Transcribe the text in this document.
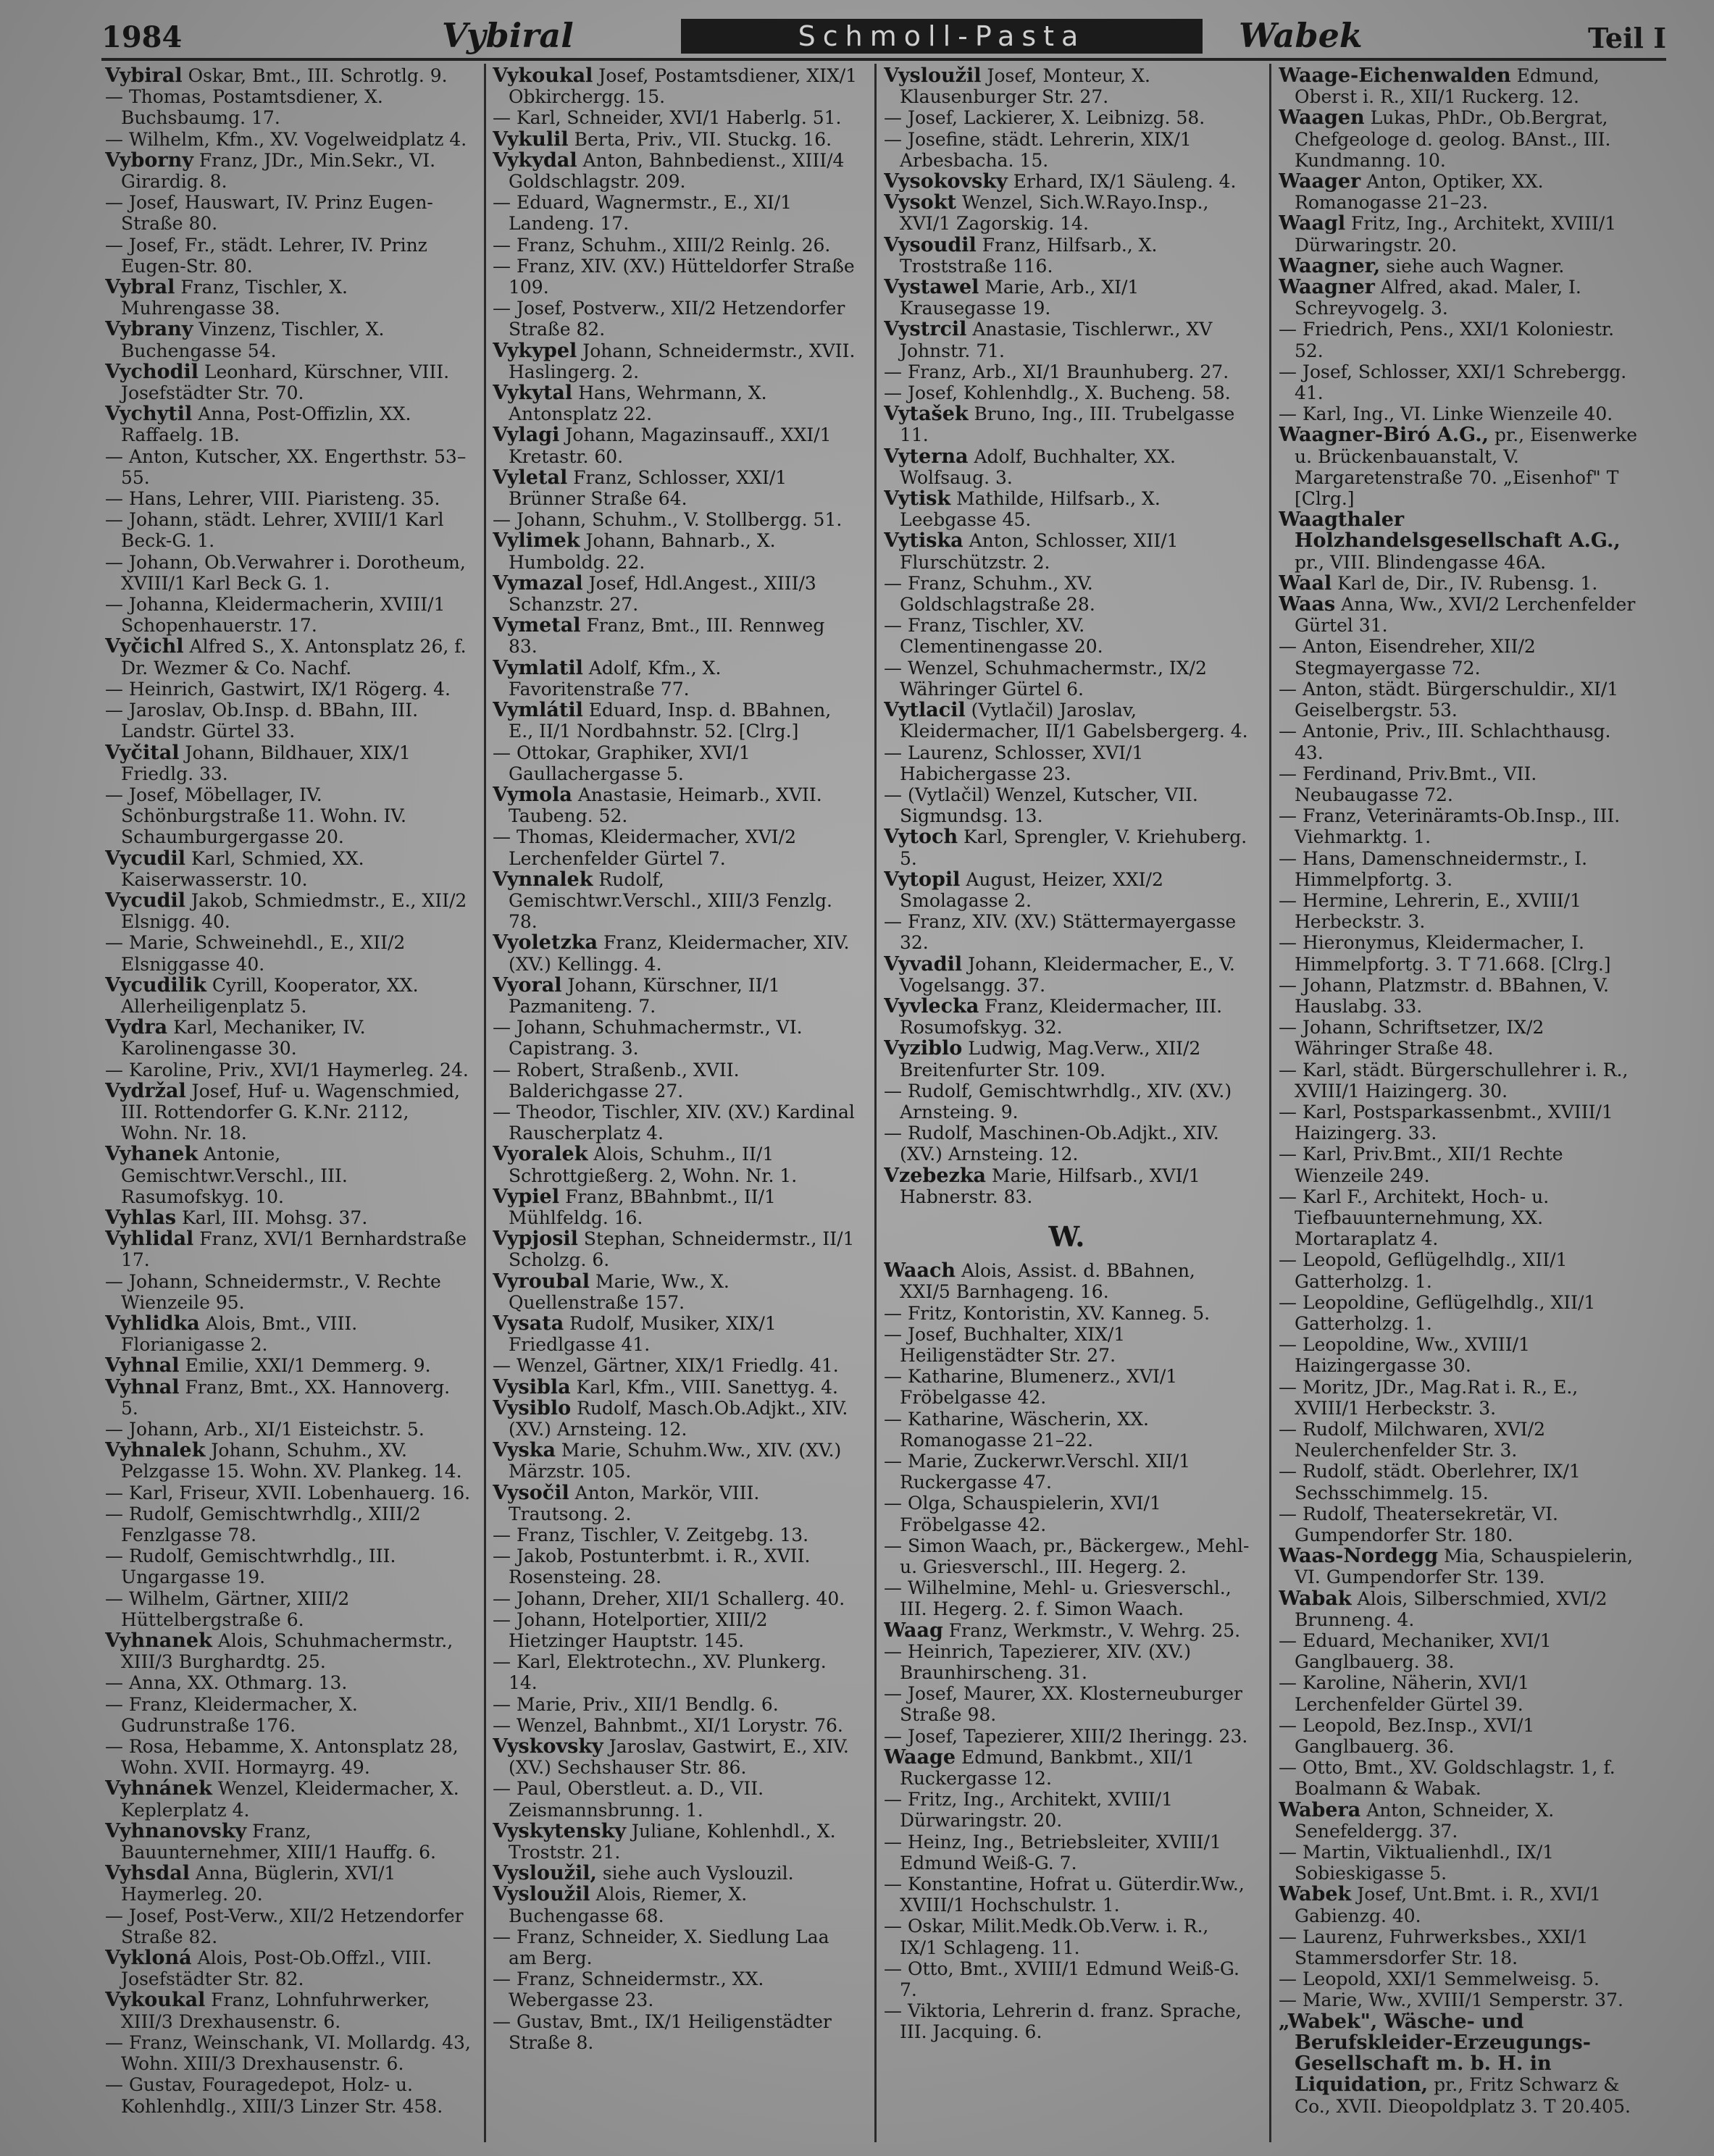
1984	Vybiral	Schmoll-Pasta	Wabek	Teil I
Vybiral Oskar, Bmt., III. Schrotlg. 9.
— Thomas, Postamtsdiener, X. Buchsbaumg. 17.
— Wilhelm, Kfm., XV. Vogelweidplatz 4.
Vyborny Franz, JDr., Min.Sekr., VI. Girardig. 8.
— Josef, Hauswart, IV. Prinz Eugen-Straße 80.
— Josef, Fr., städt. Lehrer, IV. Prinz Eugen-Str. 80.
Vybral Franz, Tischler, X. Muhrengasse 38.
Vybrany Vinzenz, Tischler, X. Buchengasse 54.
Vychodil Leonhard, Kürschner, VIII. Josefstädter Str. 70.
Vychytil Anna, Post-Offizlin, XX. Raffaelg. 1B.
— Anton, Kutscher, XX. Engerthstr. 53–55.
— Hans, Lehrer, VIII. Piaristeng. 35.
— Johann, städt. Lehrer, XVIII/1 Karl Beck-G. 1.
— Johann, Ob.Verwahrer i. Dorotheum, XVIII/1 Karl Beck G. 1.
— Johanna, Kleidermacherin, XVIII/1 Schopenhauerstr. 17.
Vyčichl Alfred S., X. Antonsplatz 26, f. Dr. Wezmer & Co. Nachf.
— Heinrich, Gastwirt, IX/1 Rögerg. 4.
— Jaroslav, Ob.Insp. d. BBahn, III. Landstr. Gürtel 33.
Vyčital Johann, Bildhauer, XIX/1 Friedlg. 33.
— Josef, Möbellager, IV. Schönburgstraße 11. Wohn. IV. Schaumburgergasse 20.
Vycudil Karl, Schmied, XX. Kaiserwasserstr. 10.
Vycudil Jakob, Schmiedmstr., E., XII/2 Elsnigg. 40.
— Marie, Schweinehdl., E., XII/2 Elsniggasse 40.
Vycudilik Cyrill, Kooperator, XX. Allerheiligenplatz 5.
Vydra Karl, Mechaniker, IV. Karolinengasse 30.
— Karoline, Priv., XVI/1 Haymerleg. 24.
Vydržal Josef, Huf- u. Wagenschmied, III. Rottendorfer G. K.Nr. 2112, Wohn. Nr. 18.
Vyhanek Antonie, Gemischtwr.Verschl., III. Rasumofskyg. 10.
Vyhlas Karl, III. Mohsg. 37.
Vyhlidal Franz, XVI/1 Bernhardstraße 17.
— Johann, Schneidermstr., V. Rechte Wienzeile 95.
Vyhlidka Alois, Bmt., VIII. Florianigasse 2.
Vyhnal Emilie, XXI/1 Demmerg. 9.
Vyhnal Franz, Bmt., XX. Hannoverg. 5.
— Johann, Arb., XI/1 Eisteichstr. 5.
Vyhnalek Johann, Schuhm., XV. Pelzgasse 15. Wohn. XV. Plankeg. 14.
— Karl, Friseur, XVII. Lobenhauerg. 16.
— Rudolf, Gemischtwrhdlg., XIII/2 Fenzlgasse 78.
— Rudolf, Gemischtwrhdlg., III. Ungargasse 19.
— Wilhelm, Gärtner, XIII/2 Hüttelbergstraße 6.
Vyhnanek Alois, Schuhmachermstr., XIII/3 Burghardtg. 25.
— Anna, XX. Othmarg. 13.
— Franz, Kleidermacher, X. Gudrunstraße 176.
— Rosa, Hebamme, X. Antonsplatz 28, Wohn. XVII. Hormayrg. 49.
Vyhnánek Wenzel, Kleidermacher, X. Keplerplatz 4.
Vyhnanovsky Franz, Bauunternehmer, XIII/1 Hauffg. 6.
Vyhsdal Anna, Büglerin, XVI/1 Haymerleg. 20.
— Josef, Post-Verw., XII/2 Hetzendorfer Straße 82.
Vykloná Alois, Post-Ob.Offzl., VIII. Josefstädter Str. 82.
Vykoukal Franz, Lohnfuhrwerker, XIII/3 Drexhausenstr. 6.
— Franz, Weinschank, VI. Mollardg. 43, Wohn. XIII/3 Drexhausenstr. 6.
— Gustav, Fouragedepot, Holz- u. Kohlenhdlg., XIII/3 Linzer Str. 458.
Vykoukal Josef, Postamtsdiener, XIX/1 Obkirchergg. 15.
— Karl, Schneider, XVI/1 Haberlg. 51.
Vykulil Berta, Priv., VII. Stuckg. 16.
Vykydal Anton, Bahnbedienst., XIII/4 Goldschlagstr. 209.
— Eduard, Wagnermstr., E., XI/1 Landeng. 17.
— Franz, Schuhm., XIII/2 Reinlg. 26.
— Franz, XIV. (XV.) Hütteldorfer Straße 109.
— Josef, Postverw., XII/2 Hetzendorfer Straße 82.
Vykypel Johann, Schneidermstr., XVII. Haslingerg. 2.
Vykytal Hans, Wehrmann, X. Antonsplatz 22.
Vylagi Johann, Magazinsauff., XXI/1 Kretastr. 60.
Vyletal Franz, Schlosser, XXI/1 Brünner Straße 64.
— Johann, Schuhm., V. Stollbergg. 51.
Vylimek Johann, Bahnarb., X. Humboldg. 22.
Vymazal Josef, Hdl.Angest., XIII/3 Schanzstr. 27.
Vymetal Franz, Bmt., III. Rennweg 83.
Vymlatil Adolf, Kfm., X. Favoritenstraße 77.
Vymlátil Eduard, Insp. d. BBahnen, E., II/1 Nordbahnstr. 52. [Clrg.]
— Ottokar, Graphiker, XVI/1 Gaullachergasse 5.
Vymola Anastasie, Heimarb., XVII. Taubeng. 52.
— Thomas, Kleidermacher, XVI/2 Lerchenfelder Gürtel 7.
Vynnalek Rudolf, Gemischtwr.Verschl., XIII/3 Fenzlg. 78.
Vyoletzka Franz, Kleidermacher, XIV. (XV.) Kellingg. 4.
Vyoral Johann, Kürschner, II/1 Pazmaniteng. 7.
— Johann, Schuhmachermstr., VI. Capistrang. 3.
— Robert, Straßenb., XVII. Balderichgasse 27.
— Theodor, Tischler, XIV. (XV.) Kardinal Rauscherplatz 4.
Vyoralek Alois, Schuhm., II/1 Schrottgießerg. 2, Wohn. Nr. 1.
Vypiel Franz, BBahnbmt., II/1 Mühlfeldg. 16.
Vypjosil Stephan, Schneidermstr., II/1 Scholzg. 6.
Vyroubal Marie, Ww., X. Quellenstraße 157.
Vysata Rudolf, Musiker, XIX/1 Friedlgasse 41.
— Wenzel, Gärtner, XIX/1 Friedlg. 41.
Vysibla Karl, Kfm., VIII. Sanettyg. 4.
Vysiblo Rudolf, Masch.Ob.Adjkt., XIV. (XV.) Arnsteing. 12.
Vyska Marie, Schuhm.Ww., XIV. (XV.) Märzstr. 105.
Vysočil Anton, Markör, VIII. Trautsong. 2.
— Franz, Tischler, V. Zeitgebg. 13.
— Jakob, Postunterbmt. i. R., XVII. Rosensteing. 28.
— Johann, Dreher, XII/1 Schallerg. 40.
— Johann, Hotelportier, XIII/2 Hietzinger Hauptstr. 145.
— Karl, Elektrotechn., XV. Plunkerg. 14.
— Marie, Priv., XII/1 Bendlg. 6.
— Wenzel, Bahnbmt., XI/1 Lorystr. 76.
Vyskovsky Jaroslav, Gastwirt, E., XIV. (XV.) Sechshauser Str. 86.
— Paul, Oberstleut. a. D., VII. Zeismannsbrunng. 1.
Vyskytensky Juliane, Kohlenhdl., X. Troststr. 21.
Vysloužil, siehe auch Vyslouzil.
Vysloužil Alois, Riemer, X. Buchengasse 68.
— Franz, Schneider, X. Siedlung Laa am Berg.
— Franz, Schneidermstr., XX. Webergasse 23.
— Gustav, Bmt., IX/1 Heiligenstädter Straße 8.
Vysloužil Josef, Monteur, X. Klausenburger Str. 27.
— Josef, Lackierer, X. Leibnizg. 58.
— Josefine, städt. Lehrerin, XIX/1 Arbesbacha. 15.
Vysokovsky Erhard, IX/1 Säuleng. 4.
Vysokt Wenzel, Sich.W.Rayo.Insp., XVI/1 Zagorskig. 14.
Vysoudil Franz, Hilfsarb., X. Troststraße 116.
Vystawel Marie, Arb., XI/1 Krausegasse 19.
Vystrcil Anastasie, Tischlerwr., XV Johnstr. 71.
— Franz, Arb., XI/1 Braunhuberg. 27.
— Josef, Kohlenhdlg., X. Bucheng. 58.
Vytašek Bruno, Ing., III. Trubelgasse 11.
Vyterna Adolf, Buchhalter, XX. Wolfsaug. 3.
Vytisk Mathilde, Hilfsarb., X. Leebgasse 45.
Vytiska Anton, Schlosser, XII/1 Flurschützstr. 2.
— Franz, Schuhm., XV. Goldschlagstraße 28.
— Franz, Tischler, XV. Clementinengasse 20.
— Wenzel, Schuhmachermstr., IX/2 Währinger Gürtel 6.
Vytlacil (Vytlačil) Jaroslav, Kleidermacher, II/1 Gabelsbergerg. 4.
— Laurenz, Schlosser, XVI/1 Habichergasse 23.
— (Vytlačil) Wenzel, Kutscher, VII. Sigmundsg. 13.
Vytoch Karl, Sprengler, V. Kriehuberg. 5.
Vytopil August, Heizer, XXI/2 Smolagasse 2.
— Franz, XIV. (XV.) Stättermayergasse 32.
Vyvadil Johann, Kleidermacher, E., V. Vogelsangg. 37.
Vyvlecka Franz, Kleidermacher, III. Rosumofskyg. 32.
Vyziblo Ludwig, Mag.Verw., XII/2 Breitenfurter Str. 109.
— Rudolf, Gemischtwrhdlg., XIV. (XV.) Arnsteing. 9.
— Rudolf, Maschinen-Ob.Adjkt., XIV. (XV.) Arnsteing. 12.
Vzebezka Marie, Hilfsarb., XVI/1 Habnerstr. 83.
W.
Waach Alois, Assist. d. BBahnen, XXI/5 Barnhageng. 16.
— Fritz, Kontoristin, XV. Kanneg. 5.
— Josef, Buchhalter, XIX/1 Heiligenstädter Str. 27.
— Katharine, Blumenerz., XVI/1 Fröbelgasse 42.
— Katharine, Wäscherin, XX. Romanogasse 21–22.
— Marie, Zuckerwr.Verschl. XII/1 Ruckergasse 47.
— Olga, Schauspielerin, XVI/1 Fröbelgasse 42.
— Simon Waach, pr., Bäckergew., Mehl- u. Griesverschl., III. Hegerg. 2.
— Wilhelmine, Mehl- u. Griesverschl., III. Hegerg. 2. f. Simon Waach.
Waag Franz, Werkmstr., V. Wehrg. 25.
— Heinrich, Tapezierer, XIV. (XV.) Braunhirscheng. 31.
— Josef, Maurer, XX. Klosterneuburger Straße 98.
— Josef, Tapezierer, XIII/2 Iheringg. 23.
Waage Edmund, Bankbmt., XII/1 Ruckergasse 12.
— Fritz, Ing., Architekt, XVIII/1 Dürwaringstr. 20.
— Heinz, Ing., Betriebsleiter, XVIII/1 Edmund Weiß-G. 7.
— Konstantine, Hofrat u. Güterdir.Ww., XVIII/1 Hochschulstr. 1.
— Oskar, Milit.Medk.Ob.Verw. i. R., IX/1 Schlageng. 11.
— Otto, Bmt., XVIII/1 Edmund Weiß-G. 7.
— Viktoria, Lehrerin d. franz. Sprache, III. Jacquing. 6.
Waage-Eichenwalden Edmund, Oberst i. R., XII/1 Ruckerg. 12.
Waagen Lukas, PhDr., Ob.Bergrat, Chefgeologe d. geolog. BAnst., III. Kundmanng. 10.
Waager Anton, Optiker, XX. Romanogasse 21–23.
Waagl Fritz, Ing., Architekt, XVIII/1 Dürwaringstr. 20.
Waagner, siehe auch Wagner.
Waagner Alfred, akad. Maler, I. Schreyvogelg. 3.
— Friedrich, Pens., XXI/1 Koloniestr. 52.
— Josef, Schlosser, XXI/1 Schrebergg. 41.
— Karl, Ing., VI. Linke Wienzeile 40.
Waagner-Biró A.G., pr., Eisenwerke u. Brückenbauanstalt, V. Margaretenstraße 70. „Eisenhof" T [Clrg.]
Waagthaler Holzhandelsgesellschaft A.G., pr., VIII. Blindengasse 46A.
Waal Karl de, Dir., IV. Rubensg. 1.
Waas Anna, Ww., XVI/2 Lerchenfelder Gürtel 31.
— Anton, Eisendreher, XII/2 Stegmayergasse 72.
— Anton, städt. Bürgerschuldir., XI/1 Geiselbergstr. 53.
— Antonie, Priv., III. Schlachthausg. 43.
— Ferdinand, Priv.Bmt., VII. Neubaugasse 72.
— Franz, Veterinäramts-Ob.Insp., III. Viehmarktg. 1.
— Hans, Damenschneidermstr., I. Himmelpfortg. 3.
— Hermine, Lehrerin, E., XVIII/1 Herbeckstr. 3.
— Hieronymus, Kleidermacher, I. Himmelpfortg. 3. T 71.668. [Clrg.]
— Johann, Platzmstr. d. BBahnen, V. Hauslabg. 33.
— Johann, Schriftsetzer, IX/2 Währinger Straße 48.
— Karl, städt. Bürgerschullehrer i. R., XVIII/1 Haizingerg. 30.
— Karl, Postsparkassenbmt., XVIII/1 Haizingerg. 33.
— Karl, Priv.Bmt., XII/1 Rechte Wienzeile 249.
— Karl F., Architekt, Hoch- u. Tiefbauunternehmung, XX. Mortaraplatz 4.
— Leopold, Geflügelhdlg., XII/1 Gatterholzg. 1.
— Leopoldine, Geflügelhdlg., XII/1 Gatterholzg. 1.
— Leopoldine, Ww., XVIII/1 Haizingergasse 30.
— Moritz, JDr., Mag.Rat i. R., E., XVIII/1 Herbeckstr. 3.
— Rudolf, Milchwaren, XVI/2 Neulerchenfelder Str. 3.
— Rudolf, städt. Oberlehrer, IX/1 Sechsschimmelg. 15.
— Rudolf, Theatersekretär, VI. Gumpendorfer Str. 180.
Waas-Nordegg Mia, Schauspielerin, VI. Gumpendorfer Str. 139.
Wabak Alois, Silberschmied, XVI/2 Brunneng. 4.
— Eduard, Mechaniker, XVI/1 Ganglbauerg. 38.
— Karoline, Näherin, XVI/1 Lerchenfelder Gürtel 39.
— Leopold, Bez.Insp., XVI/1 Ganglbauerg. 36.
— Otto, Bmt., XV. Goldschlagstr. 1, f. Boalmann & Wabak.
Wabera Anton, Schneider, X. Senefeldergg. 37.
— Martin, Viktualienhdl., IX/1 Sobieskigasse 5.
Wabek Josef, Unt.Bmt. i. R., XVI/1 Gabienzg. 40.
— Laurenz, Fuhrwerksbes., XXI/1 Stammersdorfer Str. 18.
— Leopold, XXI/1 Semmelweisg. 5.
— Marie, Ww., XVIII/1 Semperstr. 37.
„Wabek", Wäsche- und Berufskleider-Erzeugungs-Gesellschaft m. b. H. in Liquidation, pr., Fritz Schwarz & Co., XVII. Dieopoldplatz 3. T 20.405.
